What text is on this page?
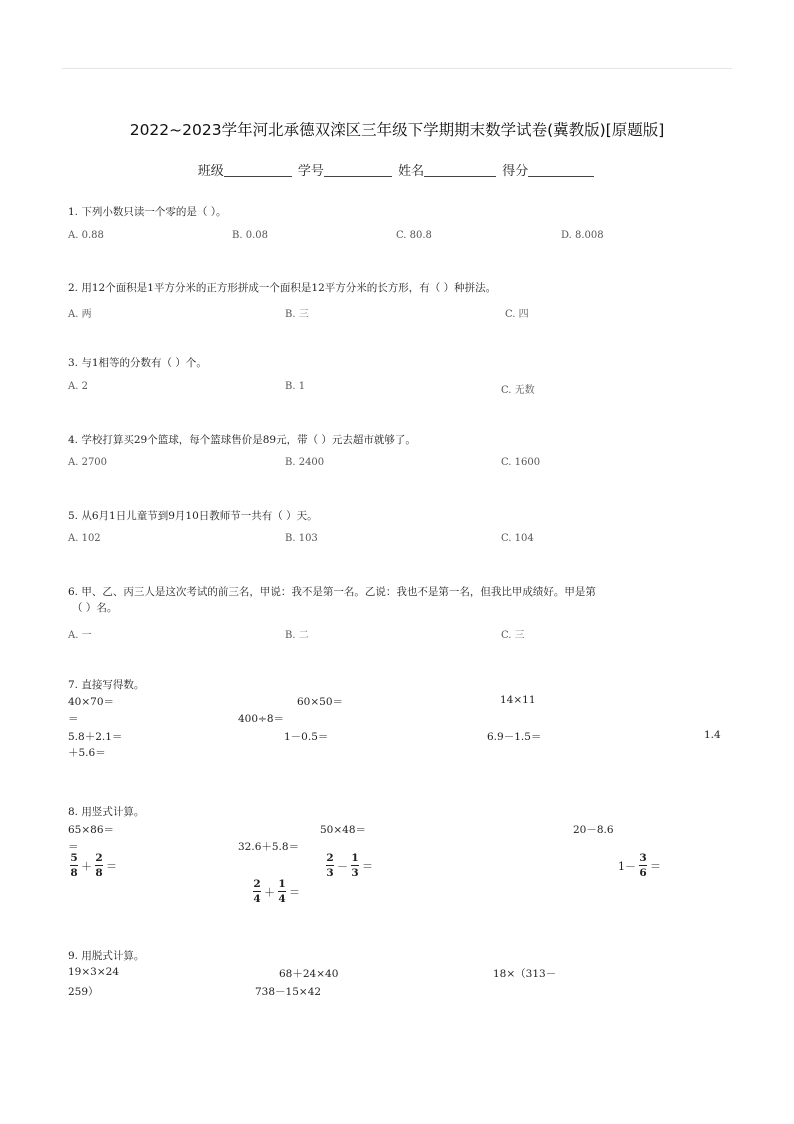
2022~2023学年河北承德双滦区三年级下学期期末数学试卷(冀教版)[原题版]
班级	学号	姓名	得分
1. 下列小数只读一个零的是（ ）。
A. 0.88	B. 0.08	C. 80.8	D. 8.008
2. 用12个面积是1平方分米的正方形拼成一个面积是12平方分米的长方形，有（ ）种拼法。
A. 两	B. 三	C. 四
3. 与1相等的分数有（ ）个。
A. 2	B. 1	C. 无数
4. 学校打算买29个篮球，每个篮球售价是89元，带（ ）元去超市就够了。
A. 2700	B. 2400	C. 1600
5. 从6月1日儿童节到9月10日教师节一共有（ ）天。
A. 102	B. 103	C. 104
6. 甲、乙、丙三人是这次考试的前三名，甲说：我不是第一名。乙说：我也不是第一名，但我比甲成绩好。甲是第
（ ）名。
A. 一	B. 二	C. 三
7. 直接写得数。
40×70＝	60×50＝	14×11
＝	400÷8＝
5.8＋2.1＝	1－0.5＝	6.9－1.5＝	1.4
＋5.6＝
8. 用竖式计算。
65×86＝	50×48＝	20－8.6
＝	32.6＋5.8＝
$\frac{5}{8} + \frac{2}{8}$ ＝	$\frac{2}{3} - \frac{1}{3}$ ＝	$1- \frac{3}{6}$ ＝
$\frac{2}{4} + \frac{1}{4}$ ＝
9. 用脱式计算。
19×3×24	68＋24×40	18×（313－
259）	738－15×42
